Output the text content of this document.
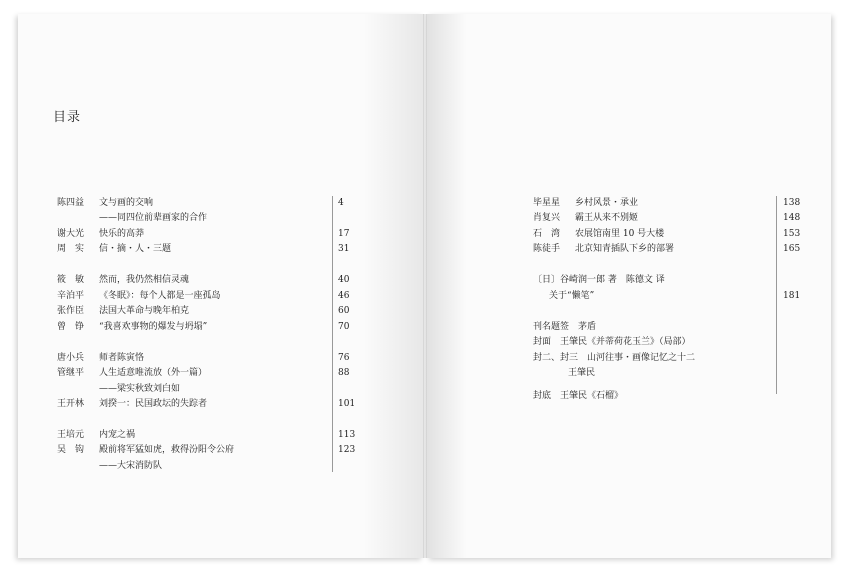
目录
陈四益	文与画的交响	4
——同四位前辈画家的合作
谢大光	快乐的高莽	17
周　实	信・摘・人・三题	31
筱　敏	然而，我仍然相信灵魂	40
辛泊平	《冬眠》：每个人都是一座孤岛	46
张作臣	法国大革命与晚年柏克	60
曾　铮	“我喜欢事物的爆发与坍塌”	70
唐小兵	师者陈寅恪	76
管继平	人生适意唯流放（外一篇）	88
——梁实秋致刘白如
王开林	刘揆一：民国政坛的失踪者	101
王培元	内宠之祸	113
吴　钩	殿前将军猛如虎，救得汾阳令公府	123
——大宋消防队
毕星星	乡村风景・承业	138
肖复兴	霸王从来不别姬	148
石　湾	农展馆南里 10 号大楼	153
陈徒手	北京知青插队下乡的部署	165
〔日〕谷崎润一郎 著　陈德文 译
关于“懒笔”	181
刊名题签　茅盾
封面　王肇民《并蒂荷花玉兰》（局部）
封二、封三　山河往事・画像记忆之十二
王肇民
封底　王肇民《石榴》
